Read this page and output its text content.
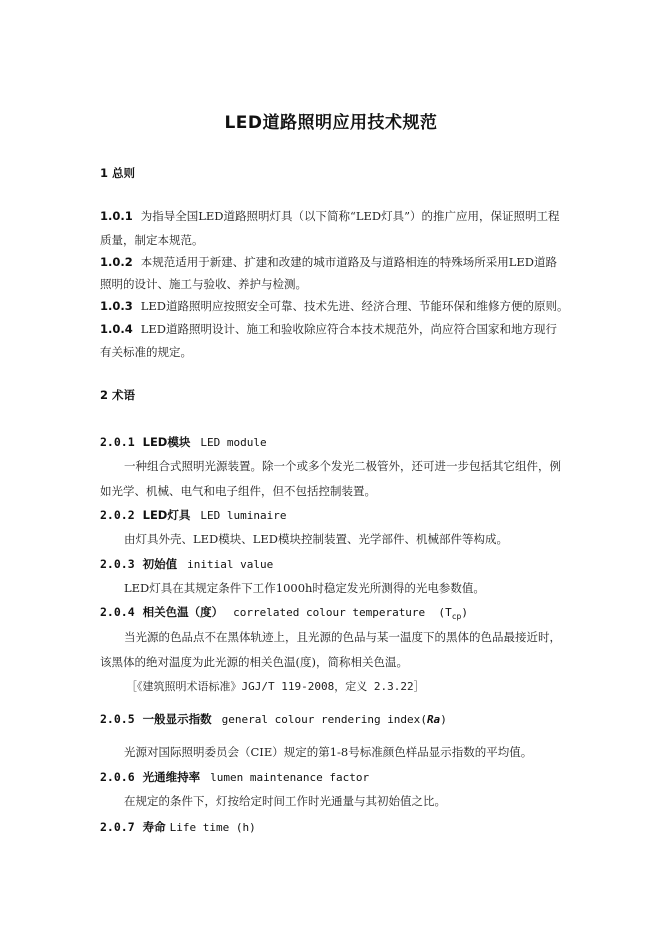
LED道路照明应用技术规范
1 总则
1.0.1 为指导全国LED道路照明灯具（以下简称“LED灯具”）的推广应用，保证照明工程
质量，制定本规范。
1.0.2 本规范适用于新建、扩建和改建的城市道路及与道路相连的特殊场所采用LED道路
照明的设计、施工与验收、养护与检测。
1.0.3 LED道路照明应按照安全可靠、技术先进、经济合理、节能环保和维修方便的原则。
1.0.4 LED道路照明设计、施工和验收除应符合本技术规范外，尚应符合国家和地方现行
有关标准的规定。
2 术语
2.0.1 LED模块 LED module
一种组合式照明光源装置。除一个或多个发光二极管外，还可进一步包括其它组件，例
如光学、机械、电气和电子组件，但不包括控制装置。
2.0.2 LED灯具 LED luminaire
由灯具外壳、LED模块、LED模块控制装置、光学部件、机械部件等构成。
2.0.3 初始值 initial value
LED灯具在其规定条件下工作1000h时稳定发光所测得的光电参数值。
2.0.4 相关色温（度） correlated colour temperature  $(T_{cp})$
当光源的色品点不在黑体轨迹上，且光源的色品与某一温度下的黑体的色品最接近时，
该黑体的绝对温度为此光源的相关色温(度)，简称相关色温。
［《建筑照明术语标准》JGJ/T 119-2008，定义 2.3.22］
2.0.5 一般显示指数 general colour rendering index(Ra)
光源对国际照明委员会（CIE）规定的第1-8号标准颜色样品显示指数的平均值。
2.0.6 光通维持率 lumen maintenance factor
在规定的条件下，灯按给定时间工作时光通量与其初始值之比。
2.0.7 寿命 Life time (h)
